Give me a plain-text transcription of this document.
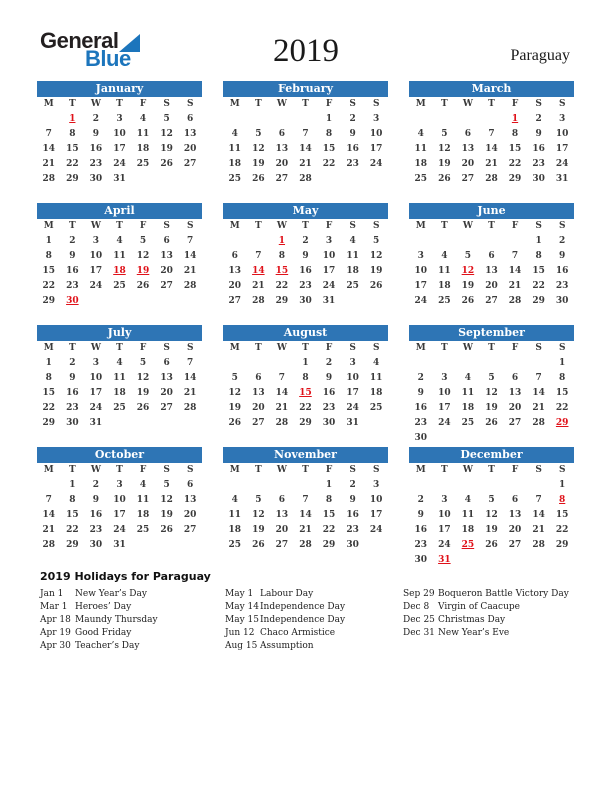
General
Blue	2019	Paraguay
January
M	T	W	T	F	S	S
	1	2	3	4	5	6
7	8	9	10	11	12	13
14	15	16	17	18	19	20
21	22	23	24	25	26	27
28	29	30	31			
February
M	T	W	T	F	S	S
				1	2	3
4	5	6	7	8	9	10
11	12	13	14	15	16	17
18	19	20	21	22	23	24
25	26	27	28			
March
M	T	W	T	F	S	S
				1	2	3
4	5	6	7	8	9	10
11	12	13	14	15	16	17
18	19	20	21	22	23	24
25	26	27	28	29	30	31
April
M	T	W	T	F	S	S
1	2	3	4	5	6	7
8	9	10	11	12	13	14
15	16	17	18	19	20	21
22	23	24	25	26	27	28
29	30					
May
M	T	W	T	F	S	S
		1	2	3	4	5
6	7	8	9	10	11	12
13	14	15	16	17	18	19
20	21	22	23	24	25	26
27	28	29	30	31		
June
M	T	W	T	F	S	S
					1	2
3	4	5	6	7	8	9
10	11	12	13	14	15	16
17	18	19	20	21	22	23
24	25	26	27	28	29	30
July
M	T	W	T	F	S	S
1	2	3	4	5	6	7
8	9	10	11	12	13	14
15	16	17	18	19	20	21
22	23	24	25	26	27	28
29	30	31				
August
M	T	W	T	F	S	S
			1	2	3	4
5	6	7	8	9	10	11
12	13	14	15	16	17	18
19	20	21	22	23	24	25
26	27	28	29	30	31	
September
M	T	W	T	F	S	S
						1
2	3	4	5	6	7	8
9	10	11	12	13	14	15
16	17	18	19	20	21	22
23	24	25	26	27	28	29
30						
October
M	T	W	T	F	S	S
	1	2	3	4	5	6
7	8	9	10	11	12	13
14	15	16	17	18	19	20
21	22	23	24	25	26	27
28	29	30	31			
November
M	T	W	T	F	S	S
				1	2	3
4	5	6	7	8	9	10
11	12	13	14	15	16	17
18	19	20	21	22	23	24
25	26	27	28	29	30	
December
M	T	W	T	F	S	S
						1
2	3	4	5	6	7	8
9	10	11	12	13	14	15
16	17	18	19	20	21	22
23	24	25	26	27	28	29
30	31					
2019 Holidays for Paraguay
Jan 1	New Year’s Day
Mar 1 Heroes’ Day
Apr 18 Maundy Thursday
Apr 19 Good Friday
Apr 30 Teacher’s Day
May 1 Labour Day
May 14 Independence Day
May 15 Independence Day
Jun 12 Chaco Armistice
Aug 15 Assumption
Sep 29 Boqueron Battle Victory Day
Dec 8 Virgin of Caacupe
Dec 25 Christmas Day
Dec 31 New Year’s Eve
